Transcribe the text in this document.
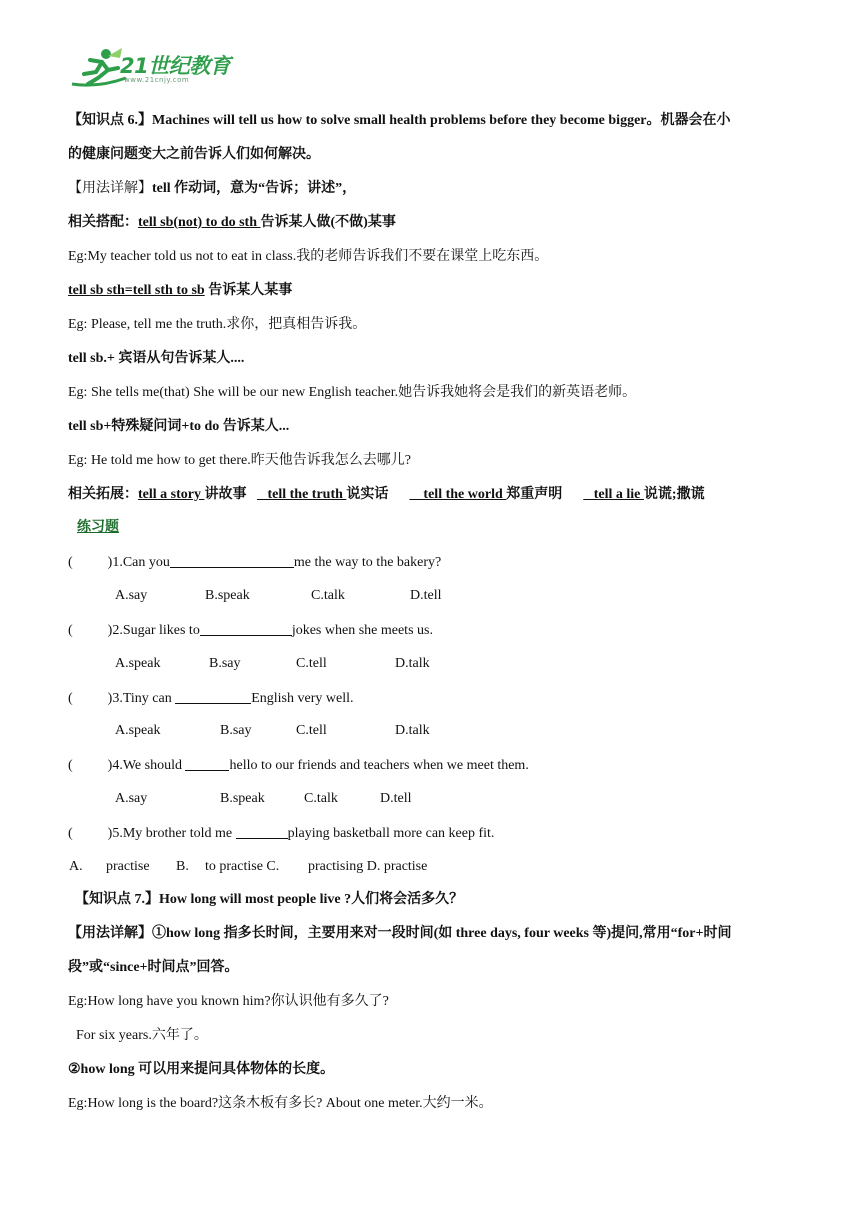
21世纪教育
www.21cnjy.com
【知识点 6.】Machines will tell us how to solve small health problems before they become bigger。机器会在小
的健康问题变大之前告诉人们如何解决。
【用法详解】tell 作动词，意为“告诉；讲述”，
相关搭配：tell sb(not) to do sth 告诉某人做(不做)某事
Eg:My teacher told us not to eat in class.我的老师告诉我们不要在课堂上吃东西。
tell sb sth=tell sth to sb 告诉某人某事
Eg: Please, tell me the truth.求你，把真相告诉我。
tell sb.+ 宾语从句告诉某人....
Eg: She tells me(that) She will be our new English teacher.她告诉我她将会是我们的新英语老师。
tell sb+特殊疑问词+to do 告诉某人...
Eg: He told me how to get there.昨天他告诉我怎么去哪儿?
相关拓展：tell a story 讲故事      tell the truth 说实话          tell the world 郑重声明         tell a lie 说谎;撒谎
练习题
(          )1.Can you	me the way to the bakery?
A.say	B.speak	C.talk	D.tell
(          )2.Sugar likes to	jokes when she meets us.
A.speak	B.say	C.tell	D.talk
(          )3.Tiny can	English very well.
A.speak	B.say	C.tell	D.talk
(          )4.We should	hello to our friends and teachers when we meet them.
A.say	B.speak	C.talk	D.tell
(          )5.My brother told me	playing basketball more can keep fit.
A. practise B. to practise C. practising D. practise
【知识点 7.】How long will most people live ?人们将会活多久？
【用法详解】①how long 指多长时间，主要用来对一段时间(如 three days, four weeks 等)提问,常用“for+时间
段”或“since+时间点”回答。
Eg:How long have you known him?你认识他有多久了?
For six years.六年了。
②how long 可以用来提问具体物体的长度。
Eg:How long is the board?这条木板有多长? About one meter.大约一米。
